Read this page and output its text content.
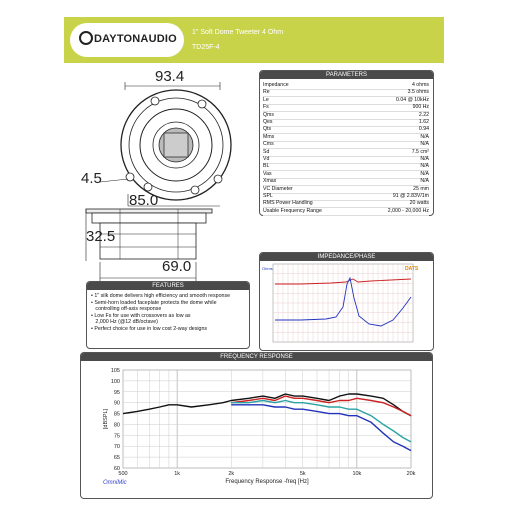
DAYTONAUDIO
1" Soft Dome Tweeter 4 Ohm
TD25F-4
93.4
4.5
85.0
32.5
69.0
PARAMETERS
Impedance	4 ohms
Re	3.5 ohms
Le	0.04 @ 10kHz
Fs	900 Hz
Qms	2.22
Qes	1.62
Qts	0.94
Mms	N/A
Cms	N/A
Sd	7.5 cm²
Vd	N/A
BL	N/A
Vas	N/A
Xmax	N/A
VC Diameter	25 mm
SPL	91 @ 2.83V/1m
RMS Power Handling	20 watts
Usable Frequency Range	2,000 - 20,000 Hz
IMPEDANCE/PHASE
Ohms	DATS
FEATURES
• 1" silk dome delivers high efficiency and smooth response
• Semi-horn loaded faceplate protects the dome while
controlling off-axis response
• Low Fs for use with crossovers as low as
2,000 Hz (@12 dB/octave)
• Perfect choice for use in low cost 2-way designs
FREQUENCY RESPONSE
105
100
95
90
85
80
75
70
65
60
500	1k	2k	5k	10k	20k
[dBSPL]
Frequency Response -freq [Hz]
OmniMic
